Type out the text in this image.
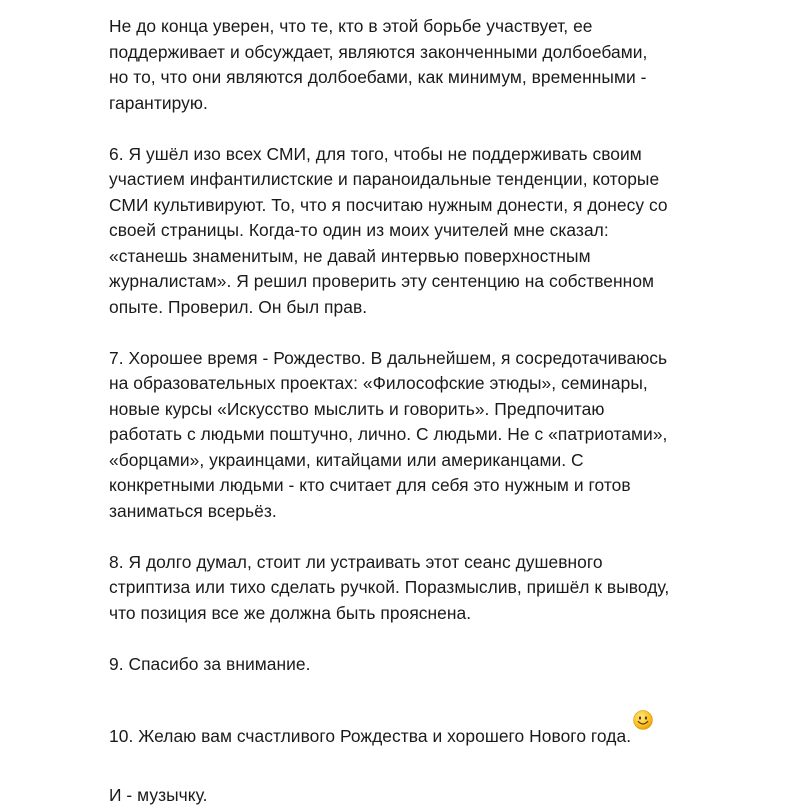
Не до конца уверен, что те, кто в этой борьбе участвует, ее
поддерживает и обсуждает, являются законченными долбоебами,
но то, что они являются долбоебами, как минимум, временными -
гарантирую.

6. Я ушёл изо всех СМИ, для того, чтобы не поддерживать своим
участием инфантилистские и параноидальные тенденции, которые
СМИ культивируют. То, что я посчитаю нужным донести, я донесу со
своей страницы. Когда-то один из моих учителей мне сказал:
«станешь знаменитым, не давай интервью поверхностным
журналистам». Я решил проверить эту сентенцию на собственном
опыте. Проверил. Он был прав.

7. Хорошее время - Рождество. В дальнейшем, я сосредотачиваюсь
на образовательных проектах: «Философские этюды», семинары,
новые курсы «Искусство мыслить и говорить». Предпочитаю
работать с людьми поштучно, лично. С людьми. Не с «патриотами»,
«борцами», украинцами, китайцами или американцами. С
конкретными людьми - кто считает для себя это нужным и готов
заниматься всерьёз.

8. Я долго думал, стоит ли устраивать этот сеанс душевного
стриптиза или тихо сделать ручкой. Поразмыслив, пришёл к выводу,
что позиция все же должна быть прояснена.

9. Спасибо за внимание.

10. Желаю вам счастливого Рождества и хорошего Нового года.

И - музычку.
